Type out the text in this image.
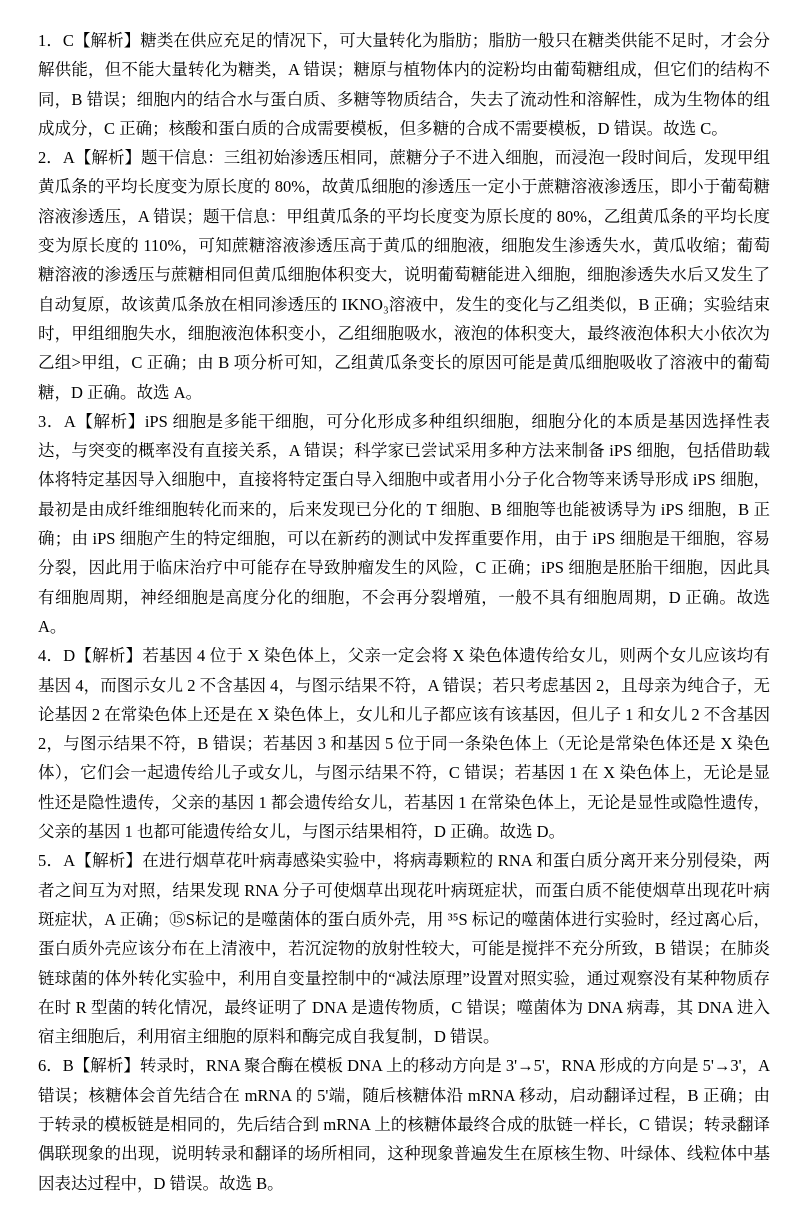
1．C【解析】糖类在供应充足的情况下，可大量转化为脂肪；脂肪一般只在糖类供能不足时，才会分解供能，但不能大量转化为糖类，A 错误；糖原与植物体内的淀粉均由葡萄糖组成，但它们的结构不同，B 错误；细胞内的结合水与蛋白质、多糖等物质结合，失去了流动性和溶解性，成为生物体的组成成分，C 正确；核酸和蛋白质的合成需要模板，但多糖的合成不需要模板，D 错误。故选 C。

2．A【解析】题干信息：三组初始渗透压相同，蔗糖分子不进入细胞，而浸泡一段时间后，发现甲组黄瓜条的平均长度变为原长度的 80%，故黄瓜细胞的渗透压一定小于蔗糖溶液渗透压，即小于葡萄糖溶液渗透压，A 错误；题干信息：甲组黄瓜条的平均长度变为原长度的 80%，乙组黄瓜条的平均长度变为原长度的 110%，可知蔗糖溶液渗透压高于黄瓜的细胞液，细胞发生渗透失水，黄瓜收缩；葡萄糖溶液的渗透压与蔗糖相同但黄瓜细胞体积变大，说明葡萄糖能进入细胞，细胞渗透失水后又发生了自动复原，故该黄瓜条放在相同渗透压的 IKNO₃溶液中，发生的变化与乙组类似，B 正确；实验结束时，甲组细胞失水，细胞液泡体积变小，乙组细胞吸水，液泡的体积变大，最终液泡体积大小依次为乙组>甲组，C 正确；由 B 项分析可知，乙组黄瓜条变长的原因可能是黄瓜细胞吸收了溶液中的葡萄糖，D 正确。故选 A。

3．A【解析】iPS 细胞是多能干细胞，可分化形成多种组织细胞，细胞分化的本质是基因选择性表达，与突变的概率没有直接关系，A 错误；科学家已尝试采用多种方法来制备 iPS 细胞，包括借助载体将特定基因导入细胞中，直接将特定蛋白导入细胞中或者用小分子化合物等来诱导形成 iPS 细胞，最初是由成纤维细胞转化而来的，后来发现已分化的 T 细胞、B 细胞等也能被诱导为 iPS 细胞，B 正确；由 iPS 细胞产生的特定细胞，可以在新药的测试中发挥重要作用，由于 iPS 细胞是干细胞，容易分裂，因此用于临床治疗中可能存在导致肿瘤发生的风险，C 正确；iPS 细胞是胚胎干细胞，因此具有细胞周期，神经细胞是高度分化的细胞，不会再分裂增殖，一般不具有细胞周期，D 正确。故选 A。

4．D【解析】若基因 4 位于 X 染色体上，父亲一定会将 X 染色体遗传给女儿，则两个女儿应该均有基因 4，而图示女儿 2 不含基因 4，与图示结果不符，A 错误；若只考虑基因 2，且母亲为纯合子，无论基因 2 在常染色体上还是在 X 染色体上，女儿和儿子都应该有该基因，但儿子 1 和女儿 2 不含基因 2，与图示结果不符，B 错误；若基因 3 和基因 5 位于同一条染色体上（无论是常染色体还是 X 染色体），它们会一起遗传给儿子或女儿，与图示结果不符，C 错误；若基因 1 在 X 染色体上，无论是显性还是隐性遗传，父亲的基因 1 都会遗传给女儿，若基因 1 在常染色体上，无论是显性或隐性遗传，父亲的基因 1 也都可能遗传给女儿，与图示结果相符，D 正确。故选 D。

5．A【解析】在进行烟草花叶病毒感染实验中，将病毒颗粒的 RNA 和蛋白质分离开来分别侵染，两者之间互为对照，结果发现 RNA 分子可使烟草出现花叶病斑症状，而蛋白质不能使烟草出现花叶病斑症状，A 正确；⑮S标记的是噬菌体的蛋白质外壳，用 ³⁵S 标记的噬菌体进行实验时，经过离心后，蛋白质外壳应该分布在上清液中，若沉淀物的放射性较大，可能是搅拌不充分所致，B 错误；在肺炎链球菌的体外转化实验中，利用自变量控制中的“减法原理”设置对照实验，通过观察没有某种物质存在时 R 型菌的转化情况，最终证明了 DNA 是遗传物质，C 错误；噬菌体为 DNA 病毒，其 DNA 进入宿主细胞后，利用宿主细胞的原料和酶完成自我复制，D 错误。

6．B【解析】转录时，RNA 聚合酶在模板 DNA 上的移动方向是 3'→5'，RNA 形成的方向是 5'→3'，A 错误；核糖体会首先结合在 mRNA 的 5'端，随后核糖体沿 mRNA 移动，启动翻译过程，B 正确；由于转录的模板链是相同的，先后结合到 mRNA 上的核糖体最终合成的肽链一样长，C 错误；转录翻译偶联现象的出现，说明转录和翻译的场所相同，这种现象普遍发生在原核生物、叶绿体、线粒体中基因表达过程中，D 错误。故选 B。
